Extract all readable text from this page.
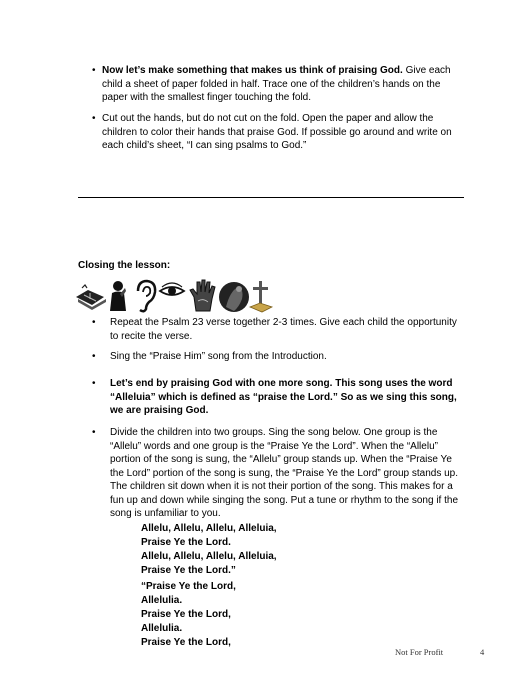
• Now let’s make something that makes us think of praising God. Give each
child a sheet of paper folded in half. Trace one of the children’s hands on the
paper with the smallest finger touching the fold.
• Cut out the hands, but do not cut on the fold. Open the paper and allow the
children to color their hands that praise God. If possible go around and write on
each child’s sheet, “I can sing psalms to God.”
Closing the lesson:
• Repeat the Psalm 23 verse together 2-3 times. Give each child the opportunity
to recite the verse.
• Sing the “Praise Him” song from the Introduction.
• Let’s end by praising God with one more song. This song uses the word
“Alleluia” which is defined as “praise the Lord.” So as we sing this song,
we are praising God.
• Divide the children into two groups. Sing the song below. One group is the
“Allelu” words and one group is the “Praise Ye the Lord”. When the “Allelu”
portion of the song is sung, the “Allelu” group stands up. When the “Praise Ye
the Lord” portion of the song is sung, the “Praise Ye the Lord” group stands up.
The children sit down when it is not their portion of the song. This makes for a
fun up and down while singing the song. Put a tune or rhythm to the song if the
song is unfamiliar to you.
Allelu, Allelu, Allelu, Alleluia,
Praise Ye the Lord.
Allelu, Allelu, Allelu, Alleluia,
Praise Ye the Lord.”
“Praise Ye the Lord,
Allelulia.
Praise Ye the Lord,
Allelulia.
Praise Ye the Lord,
Not For Profit	4
